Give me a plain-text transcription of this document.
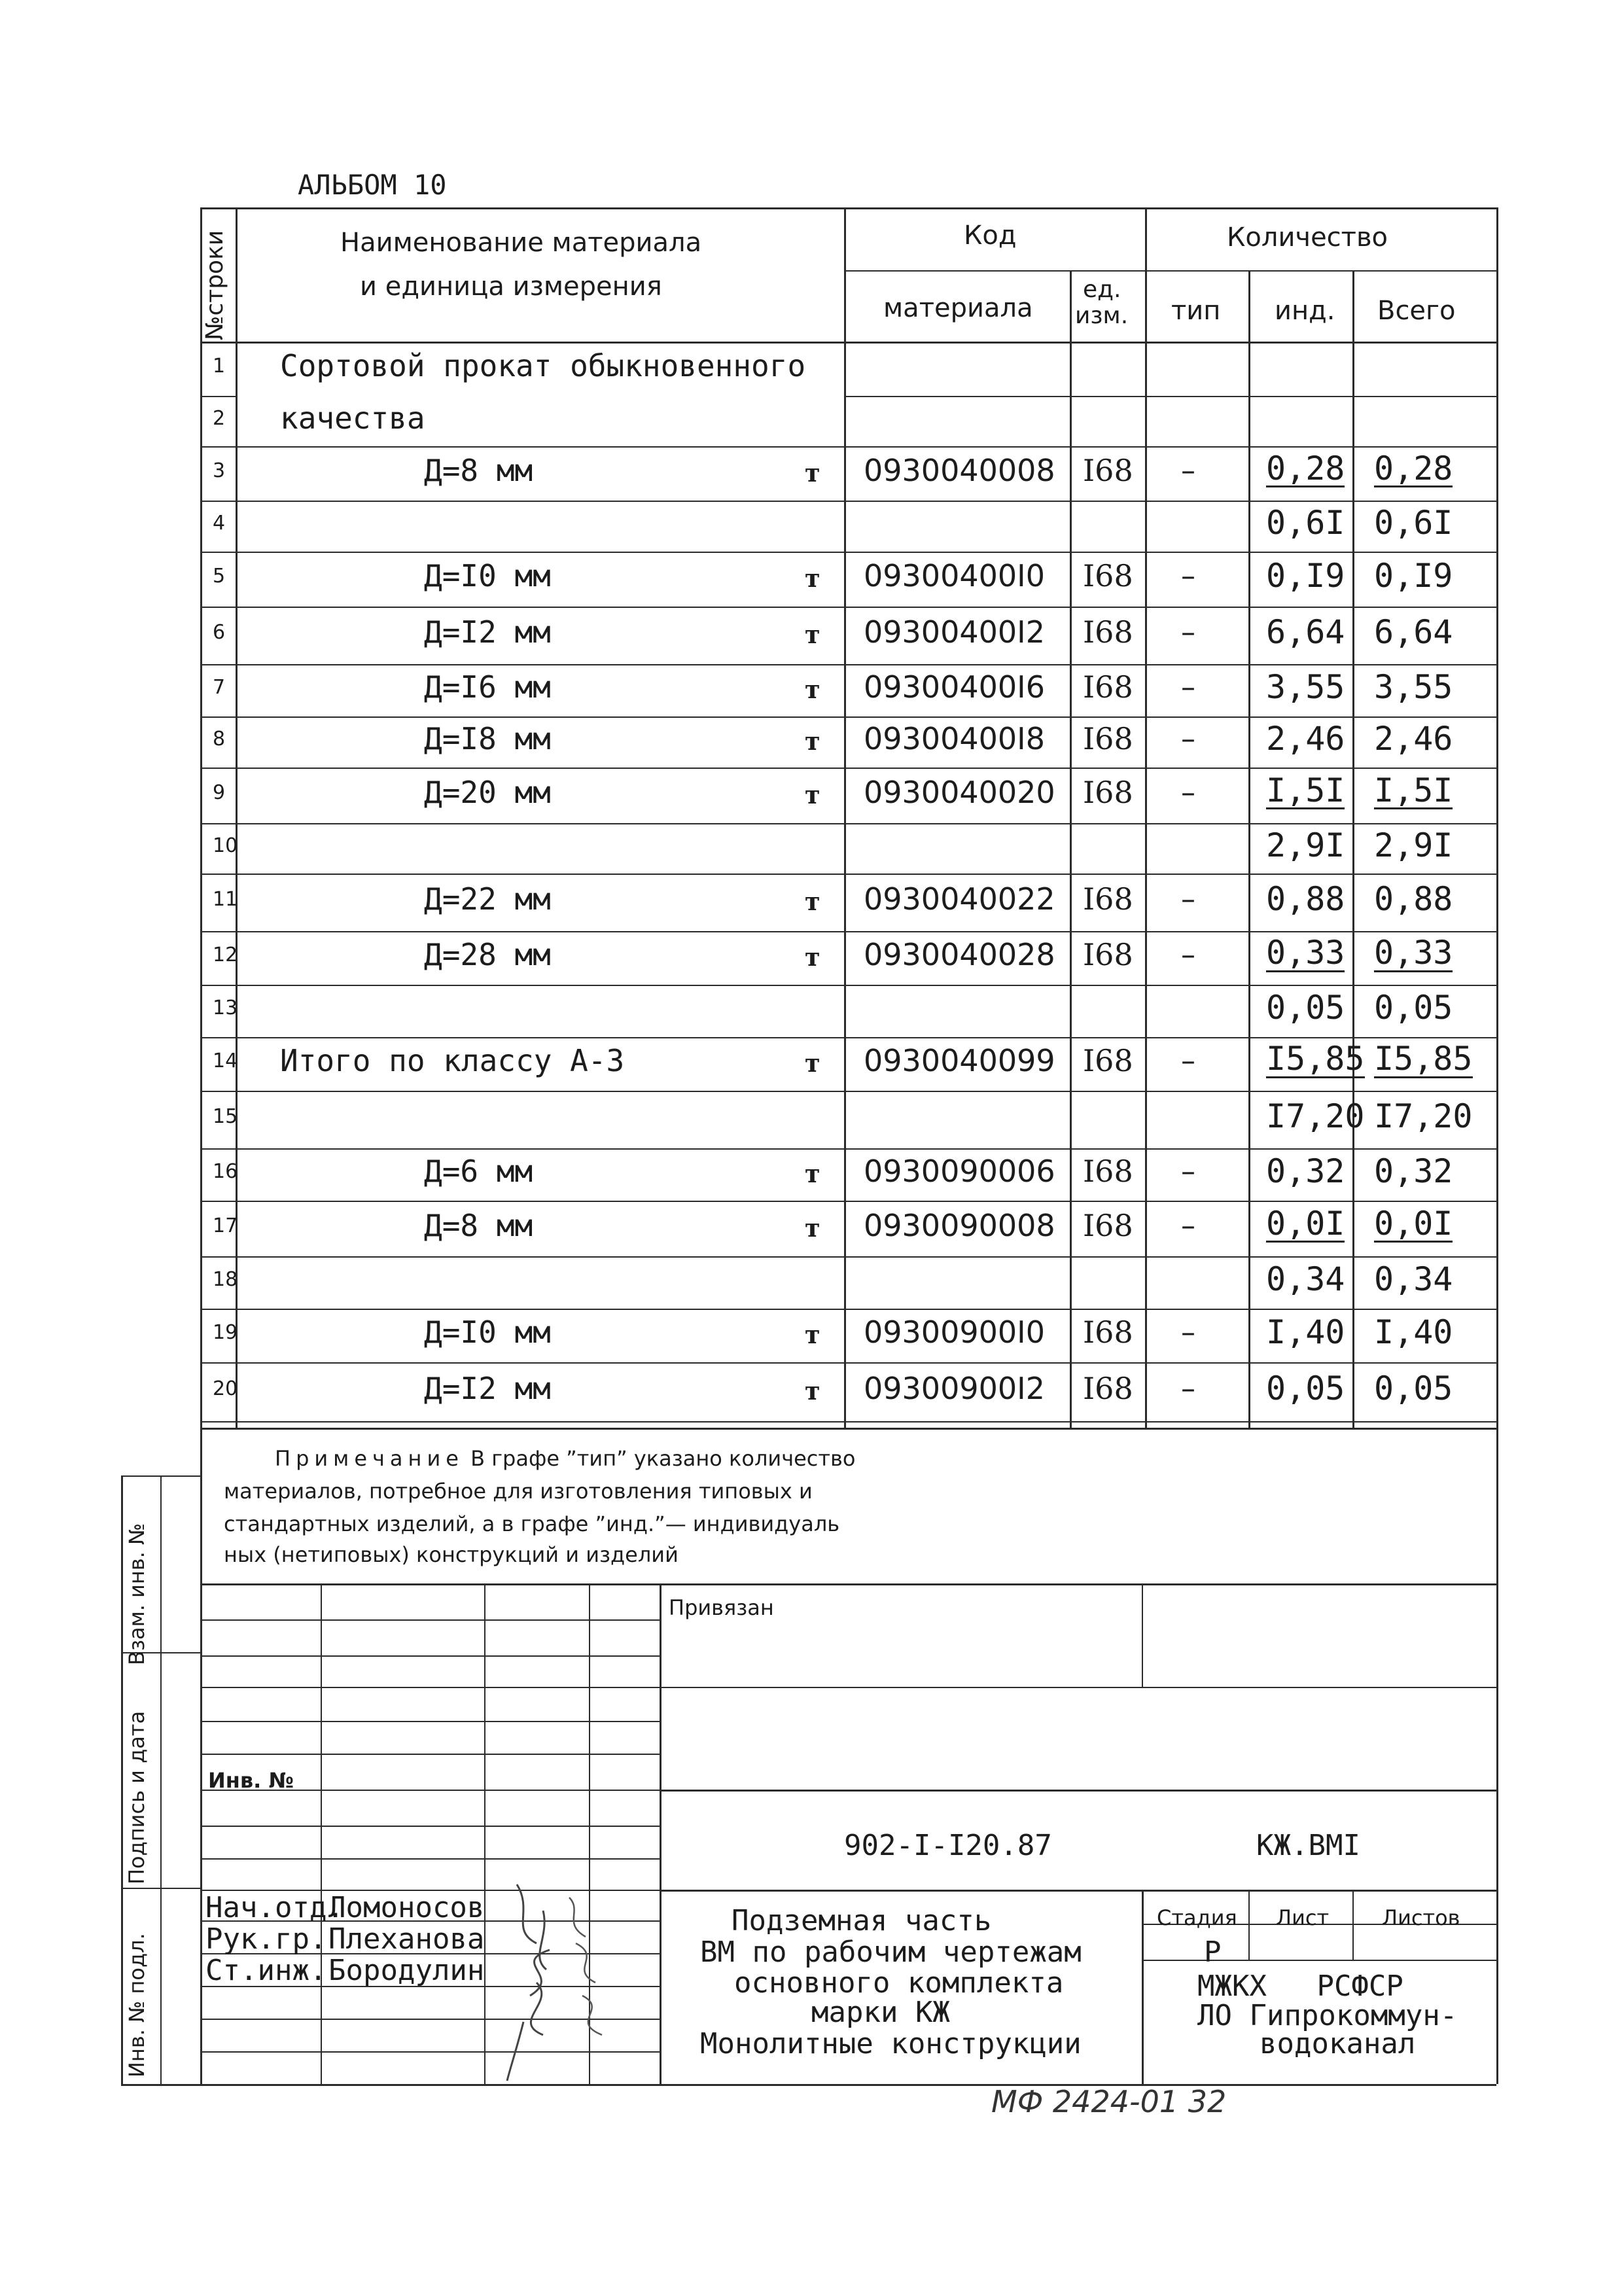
АЛЬБОМ 10
№строки	Наименование материала
и единица измерения
Код
материала
ед.
изм.
Количество
тип инд. Всего
1 Сортовой прокат обыкновенного
2 качества
3	Д=8 мм	т 0930040008 I68 – 0,28 0,28
4	0,6I 0,6I
5	Д=I0 мм	т 09300400I0 I68 – 0,I9 0,I9
6	Д=I2 мм	т 09300400I2 I68 – 6,64 6,64
7	Д=I6 мм	т 09300400I6 I68 – 3,55 3,55
8	Д=I8 мм	т 09300400I8 I68 – 2,46 2,46
9	Д=20 мм	т 0930040020 I68 – I,5I I,5I
10	2,9I 2,9I
11	Д=22 мм	т 0930040022 I68 – 0,88 0,88
12	Д=28 мм	т 0930040028 I68 – 0,33 0,33
13	0,05 0,05
14 Итого по классу А-3	т 0930040099 I68 – I5,85 I5,85
15	I7,20 I7,20
16	Д=6 мм	т 0930090006 I68 – 0,32 0,32
17	Д=8 мм	т 0930090008 I68 – 0,0I 0,0I
18	0,34 0,34
19	Д=I0 мм	т 09300900I0 I68 – I,40 I,40
20	Д=I2 мм	т 09300900I2 I68 – 0,05 0,05
Примечание В графе ”тип” указано количество
материалов, потребное для изготовления типовых и
стандартных изделий, а в графе ”инд.”— индивидуаль
ных (нетиповых) конструкций и изделий
Взам. инв. №
Подпись и дата
Инв. № подл.
Привязан
Инв. №
902-I-I20.87	КЖ.ВМI
Нач.отд.
Ломоносов
Рук.гр. Плеханова
Ст.инж. Бородулин
Подземная часть
ВМ по рабочим чертежам
основного комплекта
марки КЖ
Монолитные конструкции
Стадия Лист	Листов
Р
МЖКХ РСФСР
ЛО Гипрокоммун-
водоканал
МФ 2424-01 32
